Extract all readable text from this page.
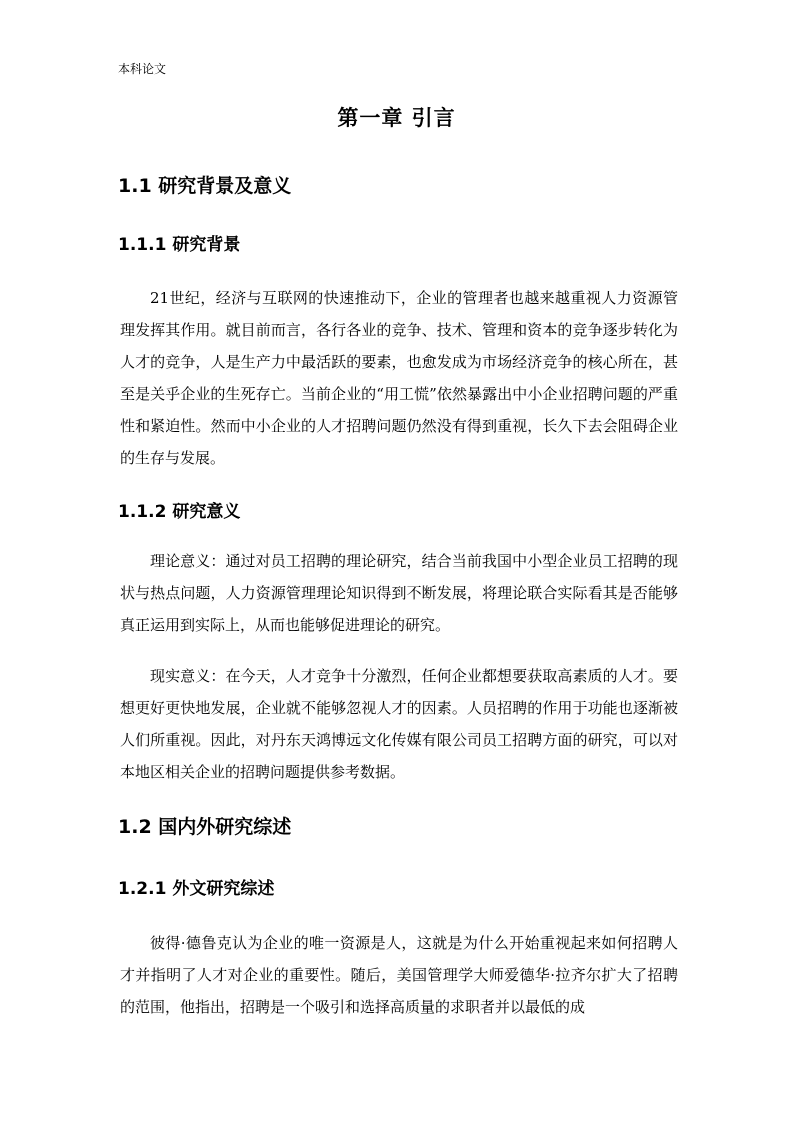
本科论文
第一章 引言
1.1 研究背景及意义
1.1.1 研究背景

21世纪，经济与互联网的快速推动下，企业的管理者也越来越重视人力资源管理发挥其作用。就目前而言，各行各业的竞争、技术、管理和资本的竞争逐步转化为人才的竞争，人是生产力中最活跃的要素，也愈发成为市场经济竞争的核心所在，甚至是关乎企业的生死存亡。当前企业的“用工慌”依然暴露出中小企业招聘问题的严重性和紧迫性。然而中小企业的人才招聘问题仍然没有得到重视，长久下去会阻碍企业的生存与发展。

1.1.2 研究意义

理论意义：通过对员工招聘的理论研究，结合当前我国中小型企业员工招聘的现状与热点问题，人力资源管理理论知识得到不断发展，将理论联合实际看其是否能够真正运用到实际上，从而也能够促进理论的研究。

现实意义：在今天，人才竞争十分激烈，任何企业都想要获取高素质的人才。要想更好更快地发展，企业就不能够忽视人才的因素。人员招聘的作用于功能也逐渐被人们所重视。因此，对丹东天鸿博远文化传媒有限公司员工招聘方面的研究，可以对本地区相关企业的招聘问题提供参考数据。

1.2 国内外研究综述
1.2.1 外文研究综述

彼得·德鲁克认为企业的唯一资源是人，这就是为什么开始重视起来如何招聘人才并指明了人才对企业的重要性。随后，美国管理学大师爱德华·拉齐尔扩大了招聘的范围，他指出，招聘是一个吸引和选择高质量的求职者并以最低的成
